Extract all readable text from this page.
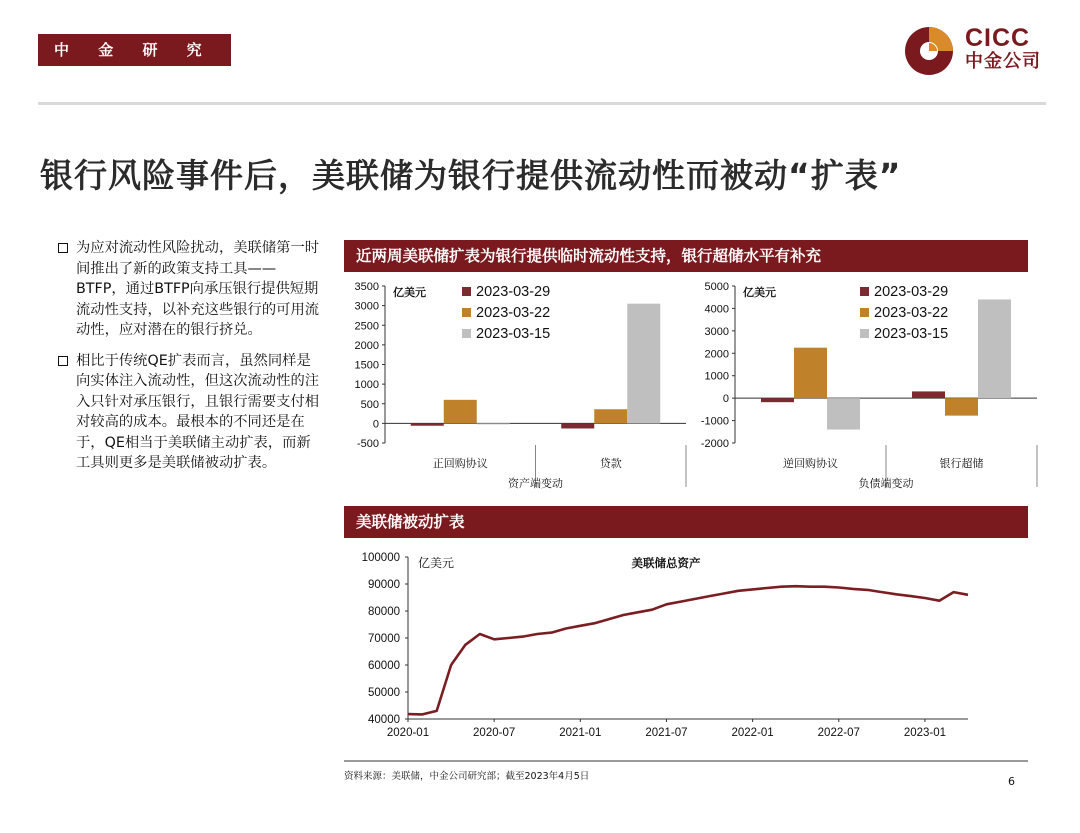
中 金 研 究 部
CICC
中金公司
银行风险事件后，美联储为银行提供流动性而被动“扩表”
为应对流动性风险扰动，美联储第一时间推出了新的政策支持工具——BTFP，通过BTFP向承压银行提供短期流动性支持，以补充这些银行的可用流动性，应对潜在的银行挤兑。
相比于传统QE扩表而言，虽然同样是向实体注入流动性，但这次流动性的注入只针对承压银行，且银行需要支付相对较高的成本。最根本的不同还是在于，QE相当于美联储主动扩表，而新工具则更多是美联储被动扩表。
近两周美联储扩表为银行提供临时流动性支持，银行超储水平有补充
3500
3000
2500
2000
1500
1000
500
0
-500
亿美元	2023-03-29
2023-03-22
2023-03-15
正回购协议	贷款
资产端变动
5000
4000
3000
2000
1000
0
-1000
-2000
亿美元	2023-03-29
2023-03-22
2023-03-15
逆回购协议	银行超储
负债端变动
美联储被动扩表
100000
90000
80000
70000
60000
50000
40000
2020-01	2020-07	2021-01	2021-07	2022-01	2022-07	2023-01
亿美元	美联储总资产
资料来源：美联储，中金公司研究部；截至2023年4月5日	6
